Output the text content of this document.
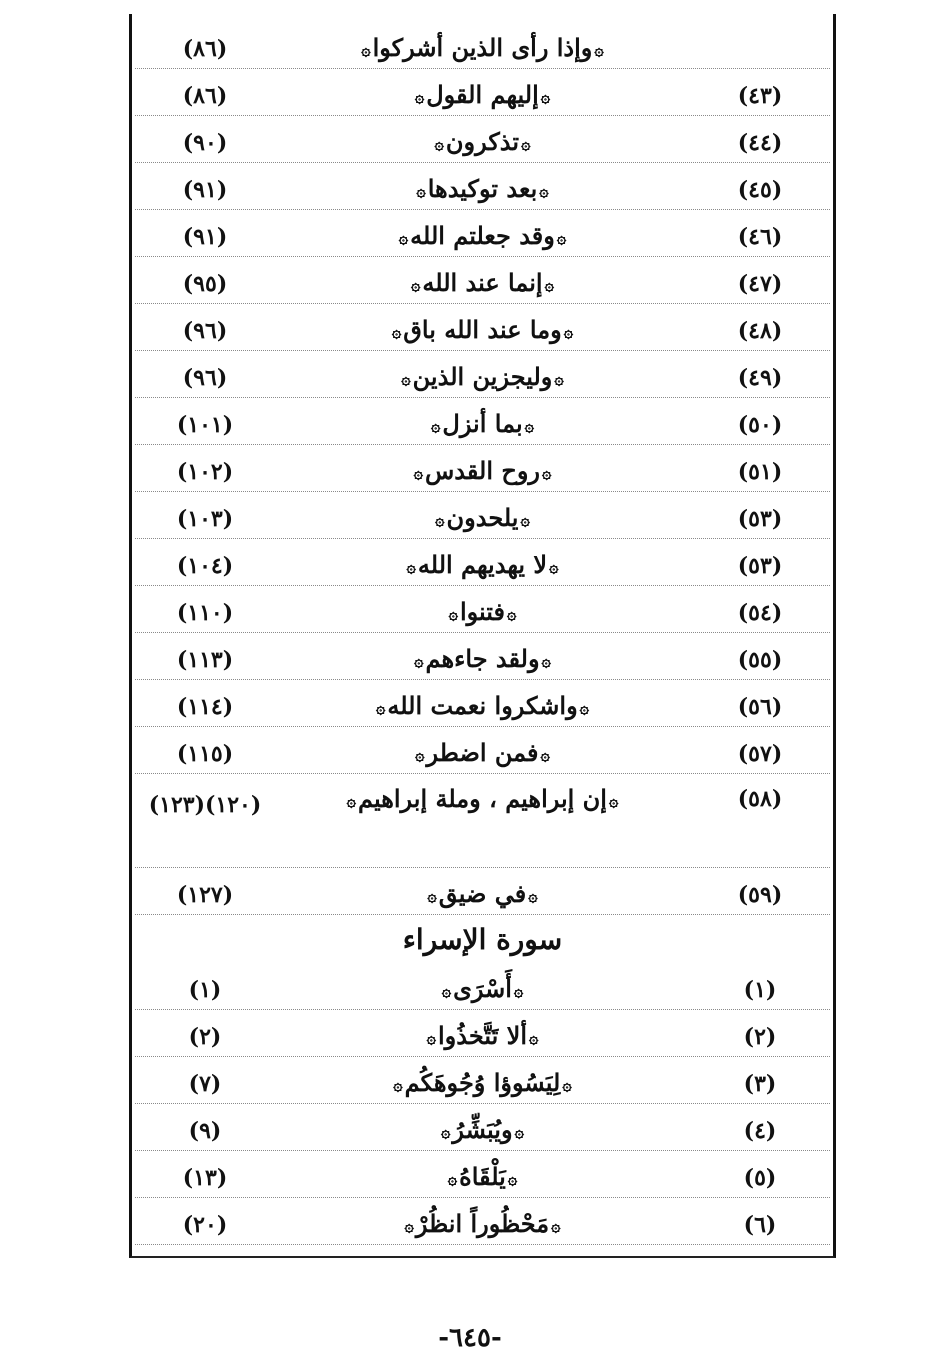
(٨٦)	۞وإذا رأى الذين أشركوا۞
(٨٦)	۞إليهم القول۞	(٤٣)
(٩٠)	۞تذكرون۞	(٤٤)
(٩١)	۞بعد توكيدها۞	(٤٥)
(٩١)	۞وقد جعلتم الله۞	(٤٦)
(٩٥)	۞إنما عند الله۞	(٤٧)
(٩٦)	۞وما عند الله باق۞	(٤٨)
(٩٦)	۞وليجزين الذين۞	(٤٩)
(١٠١)	۞بما أنزل۞	(٥٠)
(١٠٢)	۞روح القدس۞	(٥١)
(١٠٣)	۞يلحدون۞	(٥٣)
(١٠٤)	۞لا يهديهم الله۞	(٥٣)
(١١٠)	۞فتنوا۞	(٥٤)
(١١٣)	۞ولقد جاءهم۞	(٥٥)
(١١٤)	۞واشكروا نعمت الله۞	(٥٦)
(١١٥)	۞فمن اضطر۞	(٥٧)
(١٢٠)(١٢٣)	۞إن إبراهيم ، وملة إبراهيم۞	(٥٨)
(١٢٧)	۞في ضيق۞	(٥٩)
سورة الإسراء
(١)	۞أَسْرَى۞	(١)
(٢)	۞ألا تَتَّخذُوا۞	(٢)
(٧)	۞لِيَسُوؤا وُجُوهَكُم۞	(٣)
(٩)	۞ويُبَشِّرُ۞	(٤)
(١٣)	۞يَلْقَاهُ۞	(٥)
(٢٠)	۞مَحْظُوراً انظُرْ۞	(٦)
-٦٤٥-
